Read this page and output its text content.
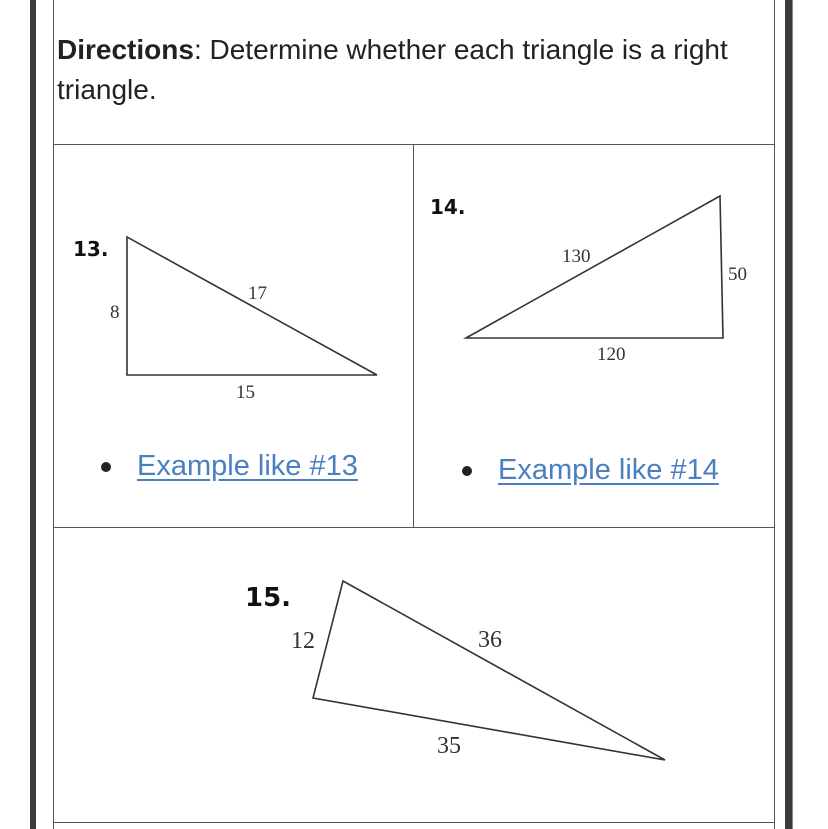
Directions: Determine whether each triangle is a right triangle.
13.
8
17
15
14.
130
50
120
15.
12	36
35
Example like #13	Example like #14
